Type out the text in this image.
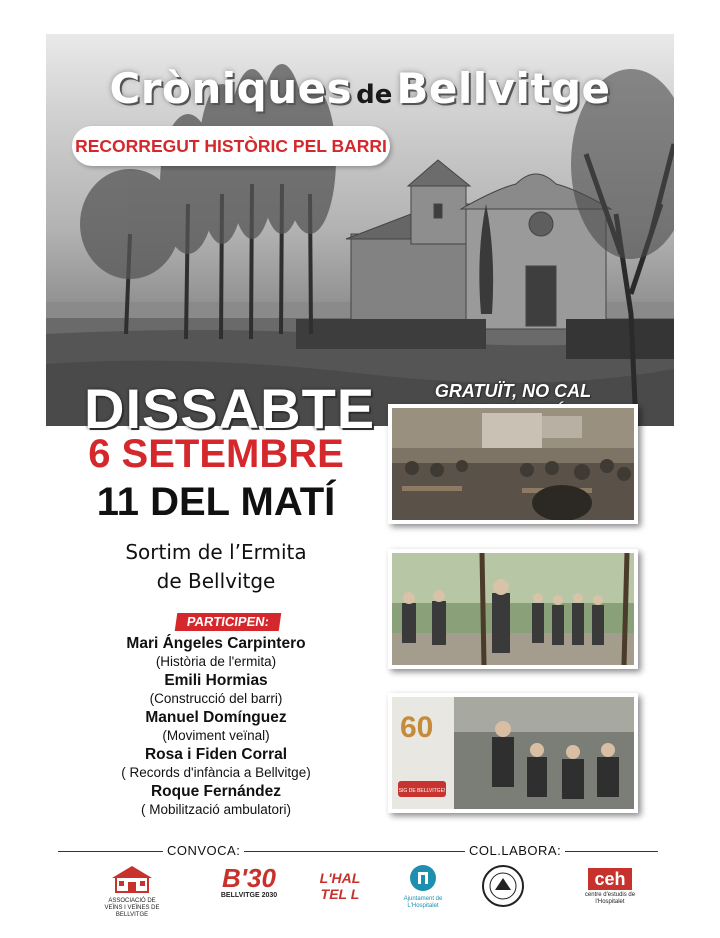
Cròniques deBellvitge
RECORREGUT HISTÒRIC PEL BARRI
DISSABTE	GRATUÏT, NO CAL
6 SETEMBRE
11 DEL MATÍ
Sortim de l’Ermita
de Bellvitge
PARTICIPEN:
Mari Ángeles Carpintero
(Història de l'ermita)
Emili Hormias
(Construcció del barri)
Manuel Domínguez
(Moviment veïnal)
Rosa i Fiden Corral
( Records d'infància a Bellvitge)
Roque Fernández
( Mobilització ambulatori)
60
SIG DE BELLVITGE!
CONVOCA:	COL.LABORA:
ASSOCIACIÓ DE VEÏNS I VEÏNES DE BELLVITGE
B'30
BELLVITGE 2030
L'HAL TEL L	Ajuntament de L'Hospitalet
ceh
centre d'estudis de l'Hospitalet
